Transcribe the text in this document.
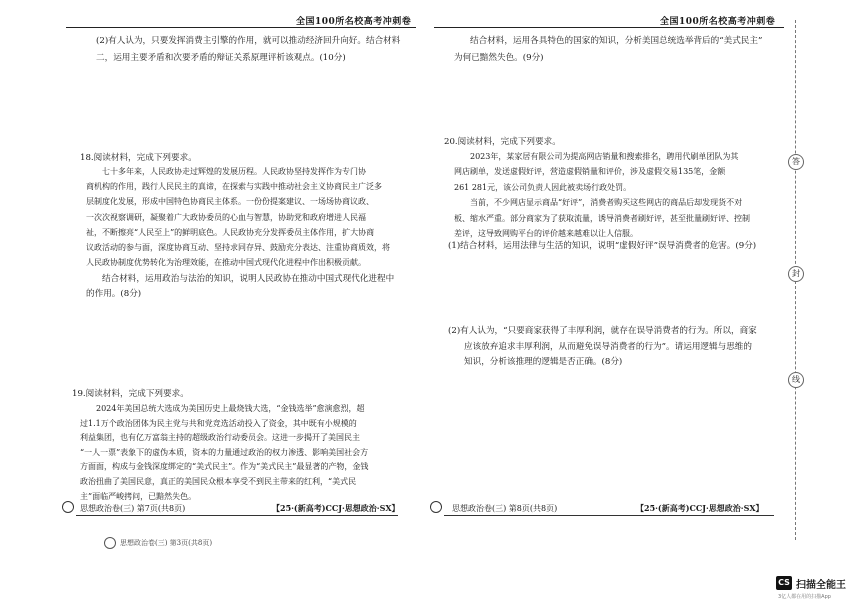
全国100所名校高考冲刺卷

(2)有人认为，只要发挥消费主引擎的作用，就可以推动经济回升向好。结合材料

二，运用主要矛盾和次要矛盾的辩证关系原理评析该观点。(10分)

18.阅读材料，完成下列要求。

七十多年来，人民政协走过辉煌的发展历程。人民政协坚持发挥作为专门协

商机构的作用，践行人民民主的真谛，在探索与实践中推动社会主义协商民主广泛多

层制度化发展，形成中国特色协商民主体系。一份份提案建议、一场场协商议政、

一次次视察调研，凝聚着广大政协委员的心血与智慧，协助党和政府增进人民福

祉，不断擦亮“人民至上”的鲜明底色。人民政协充分发挥委员主体作用，扩大协商

议政活动的参与面，深度协商互动、坚持求同存异、鼓励充分表达、注重协商质效，将

人民政协制度优势转化为治理效能，在推动中国式现代化进程中作出积极贡献。

结合材料，运用政治与法治的知识，说明人民政协在推动中国式现代化进程中

的作用。(8分)

19.阅读材料，完成下列要求。

2024年美国总统大选成为美国历史上最烧钱大选，“金钱选举”愈演愈烈，超

过1.1万个政治团体为民主党与共和党竞选活动投入了资金，其中既有小规模的

利益集团，也有亿万富翁主持的超级政治行动委员会。这进一步揭开了美国民主

“一人一票”表象下的虚伪本质，资本的力量通过政治的权力渗透、影响美国社会方

方面面，构成与金钱深度绑定的“美式民主”。作为“美式民主”最显著的产物，金钱

政治扭曲了美国民意，真正的美国民众根本享受不到民主带来的红利，“美式民

主”面临严峻拷问，已黯然失色。

思想政治卷(三) 第7页(共8页)	【25·(新高考)CCJ·思想政治·SX】
思想政治卷(三) 第3页(共8页)
全国100所名校高考冲刺卷

结合材料，运用各具特色的国家的知识，分析美国总统选举背后的“美式民主”

为何已黯然失色。(9分)

20.阅读材料，完成下列要求。

2023年，某家居有限公司为提高网店销量和搜索排名，聘用代刷单团队为其

网店刷单，发送虚假好评，营造虚假销量和评价，涉及虚假交易135笔，金额

261 281元，该公司负责人因此被卖场行政处罚。

当前，不少网店显示商品“好评”，消费者购买这些网店的商品后却发现货不对

板、缩水严重。部分商家为了获取流量，诱导消费者刷好评，甚至批量刷好评、控制

差评，这导致网购平台的评价越来越难以让人信服。

(1)结合材料，运用法律与生活的知识，说明“虚假好评”误导消费者的危害。(9分)

(2)有人认为，“只要商家获得了丰厚利润，就存在误导消费者的行为。所以，商家

应该放弃追求丰厚利润，从而避免误导消费者的行为”。请运用逻辑与思维的

知识，分析该推理的逻辑是否正确。(8分)

思想政治卷(三) 第8页(共8页)	【25·(新高考)CCJ·思想政治·SX】
答
封
线
CS 扫描全能王
3亿人都在用的扫描App
